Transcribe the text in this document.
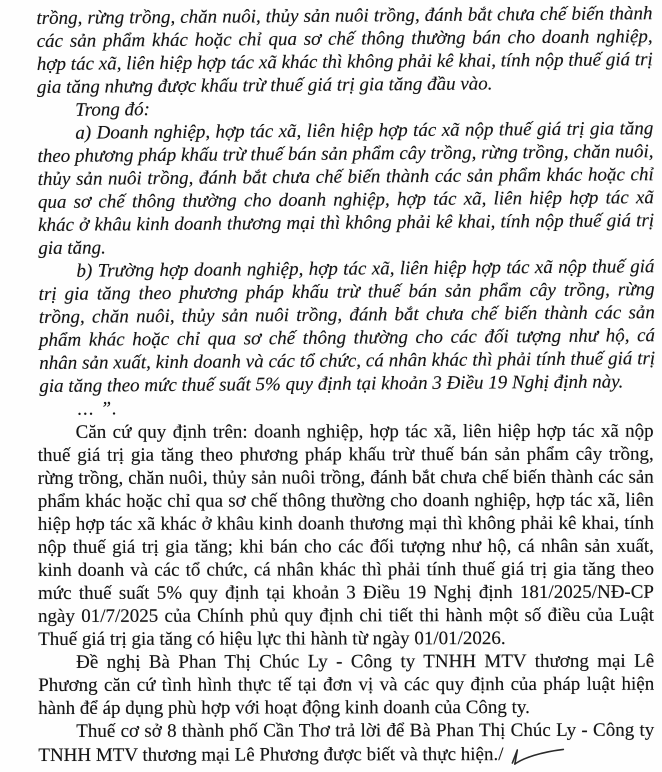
trồng, rừng trồng, chăn nuôi, thủy sản nuôi trồng, đánh bắt chưa chế biến thành các sản phẩm khác hoặc chỉ qua sơ chế thông thường bán cho doanh nghiệp, hợp tác xã, liên hiệp hợp tác xã khác thì không phải kê khai, tính nộp thuế giá trị gia tăng nhưng được khấu trừ thuế giá trị gia tăng đầu vào.

Trong đó:

a) Doanh nghiệp, hợp tác xã, liên hiệp hợp tác xã nộp thuế giá trị gia tăng theo phương pháp khấu trừ thuế bán sản phẩm cây trồng, rừng trồng, chăn nuôi, thủy sản nuôi trồng, đánh bắt chưa chế biến thành các sản phẩm khác hoặc chỉ qua sơ chế thông thường cho doanh nghiệp, hợp tác xã, liên hiệp hợp tác xã khác ở khâu kinh doanh thương mại thì không phải kê khai, tính nộp thuế giá trị gia tăng.

b) Trường hợp doanh nghiệp, hợp tác xã, liên hiệp hợp tác xã nộp thuế giá trị gia tăng theo phương pháp khấu trừ thuế bán sản phẩm cây trồng, rừng trồng, chăn nuôi, thủy sản nuôi trồng, đánh bắt chưa chế biến thành các sản phẩm khác hoặc chỉ qua sơ chế thông thường cho các đối tượng như hộ, cá nhân sản xuất, kinh doanh và các tổ chức, cá nhân khác thì phải tính thuế giá trị gia tăng theo mức thuế suất 5% quy định tại khoản 3 Điều 19 Nghị định này.

... ”.

Căn cứ quy định trên: doanh nghiệp, hợp tác xã, liên hiệp hợp tác xã nộp thuế giá trị gia tăng theo phương pháp khấu trừ thuế bán sản phẩm cây trồng, rừng trồng, chăn nuôi, thủy sản nuôi trồng, đánh bắt chưa chế biến thành các sản phẩm khác hoặc chỉ qua sơ chế thông thường cho doanh nghiệp, hợp tác xã, liên hiệp hợp tác xã khác ở khâu kinh doanh thương mại thì không phải kê khai, tính nộp thuế giá trị gia tăng; khi bán cho các đối tượng như hộ, cá nhân sản xuất, kinh doanh và các tổ chức, cá nhân khác thì phải tính thuế giá trị gia tăng theo mức thuế suất 5% quy định tại khoản 3 Điều 19 Nghị định 181/2025/NĐ-CP ngày 01/7/2025 của Chính phủ quy định chi tiết thi hành một số điều của Luật Thuế giá trị gia tăng có hiệu lực thi hành từ ngày 01/01/2026.

Đề nghị Bà Phan Thị Chúc Ly - Công ty TNHH MTV thương mại Lê Phương căn cứ tình hình thực tế tại đơn vị và các quy định của pháp luật hiện hành để áp dụng phù hợp với hoạt động kinh doanh của Công ty.

Thuế cơ sở 8 thành phố Cần Thơ trả lời để Bà Phan Thị Chúc Ly - Công ty TNHH MTV thương mại Lê Phương được biết và thực hiện./
